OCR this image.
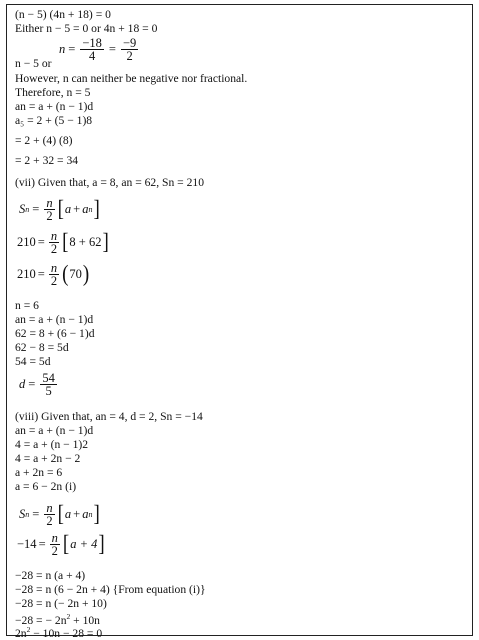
(n − 5) (4n + 18) = 0
Either n − 5 = 0 or 4n + 18 = 0
$n = \frac{-18}{4} = \frac{-9}{2}$
n − 5 or
However, n can neither be negative nor fractional.
Therefore, n = 5
an = a + (n − 1)d
a₅ = 2 + (5 − 1)8
= 2 + (4) (8)
= 2 + 32 = 34
(vii) Given that, a = 8, an = 62, Sn = 210
S $n = \frac{n}{2}$ [ a + a n ]
$210 = \frac{n}{2}$ [ 8 + 62 ]
$210 = \frac{n}{2}$ ( 70 )
n = 6
an = a + (n − 1)d
62 = 8 + (6 − 1)d
62 − 8 = 5d
54 = 5d
$d = \frac{54}{5}$
(viii) Given that, an = 4, d = 2, Sn = −14
an = a + (n − 1)d
4 = a + (n − 1)2
4 = a + 2n − 2
a + 2n = 6
a = 6 − 2n (i)
S $n = \frac{n}{2}$ [ a + a n ]
$-14 = \frac{n}{2}$ [ a + 4 ]
−28 = n (a + 4)
−28 = n (6 − 2n + 4) {From equation (i)}
−28 = n (− 2n + 10)
−28 = − $2n^2 + 10n$
$2n^2 - 10n - 28 = 0$
